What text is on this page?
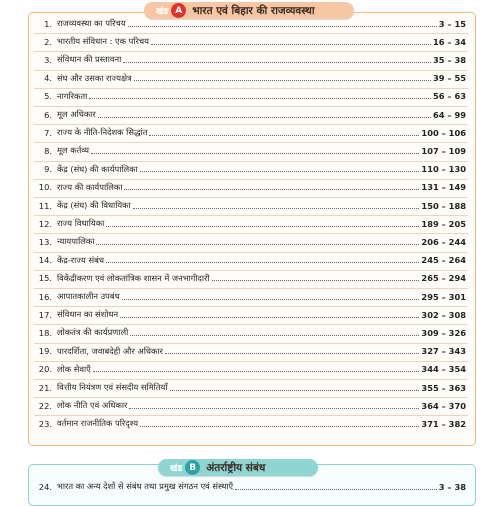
खंड A भारत एवं बिहार की राजव्यवस्था
1. राजव्यवस्था का परिचय	3 – 15
2. भारतीय संविधान : एक परिचय	16 – 34
3. संविधान की प्रस्तावना	35 – 38
4. संघ और उसका राज्यक्षेत्र	39 – 55
5. नागरिकता	56 – 63
6. मूल अधिकार	64 – 99
7. राज्य के नीति-निदेशक सिद्धांत	100 – 106
8. मूल कर्तव्य	107 – 109
9. केंद्र (संघ) की कार्यपालिका	110 – 130
10. राज्य की कार्यपालिका	131 – 149
11. केंद्र (संघ) की विधायिका	150 – 188
12. राज्य विधायिका	189 – 205
13. न्यायपालिका	206 – 244
14. केंद्र-राज्य संबंध	245 – 264
15. विकेंद्रीकरण एवं लोकतांत्रिक शासन में जनभागीदारी	265 – 294
16. आपातकालीन उपबंध	295 – 301
17. संविधान का संशोधन	302 – 308
18. लोकतंत्र की कार्यप्रणाली	309 – 326
19. पारदर्शिता, जवाबदेही और अधिकार	327 – 343
20. लोक सेवाएँ	344 – 354
21. वित्तीय नियंत्रण एवं संसदीय समितियाँ	355 – 363
22. लोक नीति एवं अधिकार	364 – 370
23. वर्तमान राजनीतिक परिदृश्य	371 – 382
खंड B अंतर्राष्ट्रीय संबंध
24. भारत का अन्य देशों से संबंध तथा प्रमुख संगठन एवं संस्थाएँ	3 – 38
